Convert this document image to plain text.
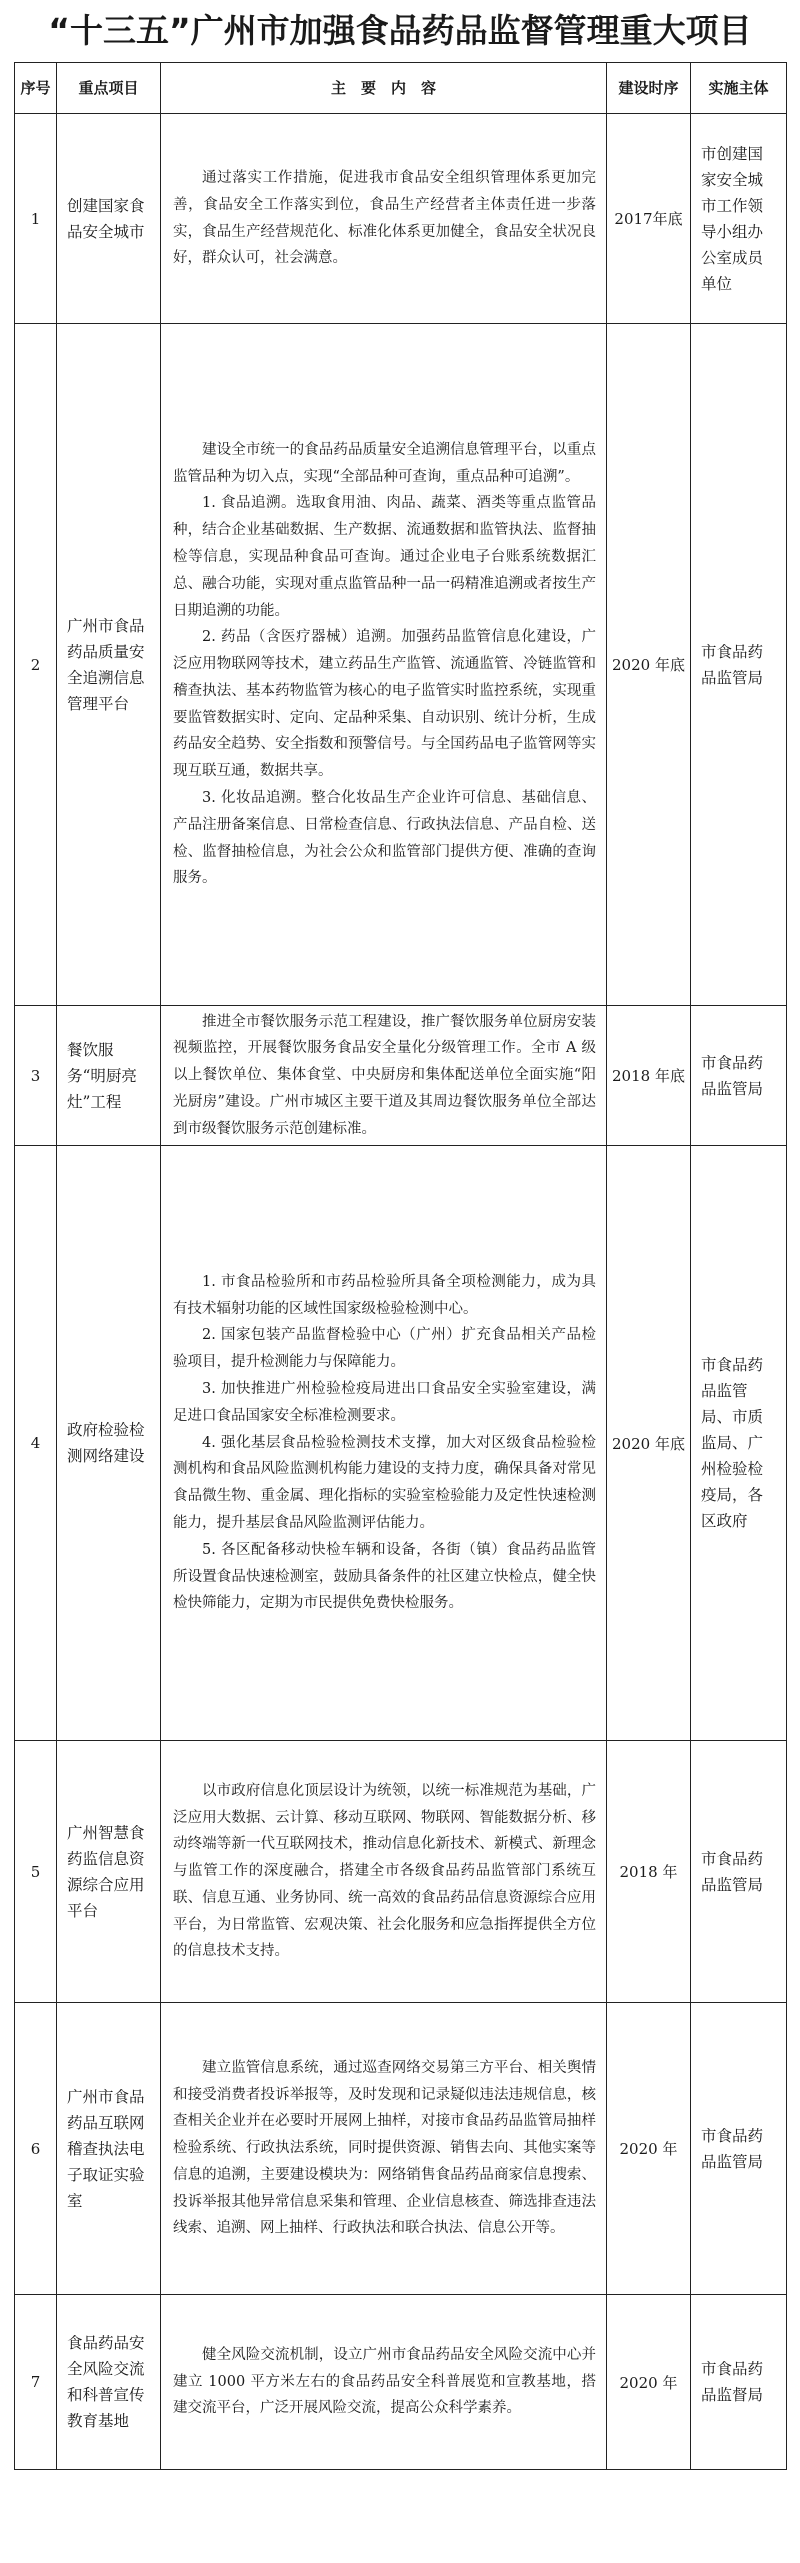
“十三五”广州市加强食品药品监督管理重大项目
序号	重点项目	主　要　内　容	建设时序	实施主体
1	创建国家食品安全城市	通过落实工作措施，促进我市食品安全组织管理体系更加完善，食品安全工作落实到位，食品生产经营者主体责任进一步落实，食品生产经营规范化、标准化体系更加健全，食品安全状况良好，群众认可，社会满意。	2017年底	市创建国家安全城市工作领导小组办公室成员单位
2	广州市食品药品质量安全追溯信息管理平台	建设全市统一的食品药品质量安全追溯信息管理平台，以重点监管品种为切入点，实现“全部品种可查询，重点品种可追溯”。

1. 食品追溯。选取食用油、肉品、蔬菜、酒类等重点监管品种，结合企业基础数据、生产数据、流通数据和监管执法、监督抽检等信息，实现品种食品可查询。通过企业电子台账系统数据汇总、融合功能，实现对重点监管品种一品一码精准追溯或者按生产日期追溯的功能。

2. 药品（含医疗器械）追溯。加强药品监管信息化建设，广泛应用物联网等技术，建立药品生产监管、流通监管、冷链监管和稽查执法、基本药物监管为核心的电子监管实时监控系统，实现重要监管数据实时、定向、定品种采集、自动识别、统计分析，生成药品安全趋势、安全指数和预警信号。与全国药品电子监管网等实现互联互通，数据共享。

3. 化妆品追溯。整合化妆品生产企业许可信息、基础信息、产品注册备案信息、日常检查信息、行政执法信息、产品自检、送检、监督抽检信息，为社会公众和监管部门提供方便、准确的查询服务。	2020 年底	市食品药品监管局
3	餐饮服务“明厨亮灶”工程	推进全市餐饮服务示范工程建设，推广餐饮服务单位厨房安装视频监控，开展餐饮服务食品安全量化分级管理工作。全市 A 级以上餐饮单位、集体食堂、中央厨房和集体配送单位全面实施“阳光厨房”建设。广州市城区主要干道及其周边餐饮服务单位全部达到市级餐饮服务示范创建标准。	2018 年底	市食品药品监管局
4	政府检验检测网络建设	1. 市食品检验所和市药品检验所具备全项检测能力，成为具有技术辐射功能的区域性国家级检验检测中心。

2. 国家包装产品监督检验中心（广州）扩充食品相关产品检验项目，提升检测能力与保障能力。

3. 加快推进广州检验检疫局进出口食品安全实验室建设，满足进口食品国家安全标准检测要求。

4. 强化基层食品检验检测技术支撑，加大对区级食品检验检测机构和食品风险监测机构能力建设的支持力度，确保具备对常见食品微生物、重金属、理化指标的实验室检验能力及定性快速检测能力，提升基层食品风险监测评估能力。

5. 各区配备移动快检车辆和设备，各街（镇）食品药品监管所设置食品快速检测室，鼓励具备条件的社区建立快检点，健全快检快筛能力，定期为市民提供免费快检服务。	2020 年底	市食品药品监管局、市质监局、广州检验检疫局，各区政府
5	广州智慧食药监信息资源综合应用平台	以市政府信息化顶层设计为统领，以统一标准规范为基础，广泛应用大数据、云计算、移动互联网、物联网、智能数据分析、移动终端等新一代互联网技术，推动信息化新技术、新模式、新理念与监管工作的深度融合，搭建全市各级食品药品监管部门系统互联、信息互通、业务协同、统一高效的食品药品信息资源综合应用平台，为日常监管、宏观决策、社会化服务和应急指挥提供全方位的信息技术支持。	2018 年	市食品药品监管局
6	广州市食品药品互联网稽查执法电子取证实验室	建立监管信息系统，通过巡查网络交易第三方平台、相关舆情和接受消费者投诉举报等，及时发现和记录疑似违法违规信息，核查相关企业并在必要时开展网上抽样，对接市食品药品监管局抽样检验系统、行政执法系统，同时提供资源、销售去向、其他实案等信息的追溯，主要建设模块为：网络销售食品药品商家信息搜索、投诉举报其他异常信息采集和管理、企业信息核查、筛选排查违法线索、追溯、网上抽样、行政执法和联合执法、信息公开等。	2020 年	市食品药品监管局
7	食品药品安全风险交流和科普宣传教育基地	健全风险交流机制，设立广州市食品药品安全风险交流中心并建立 1000 平方米左右的食品药品安全科普展览和宣教基地，搭建交流平台，广泛开展风险交流，提高公众科学素养。	2020 年	市食品药品监督局
